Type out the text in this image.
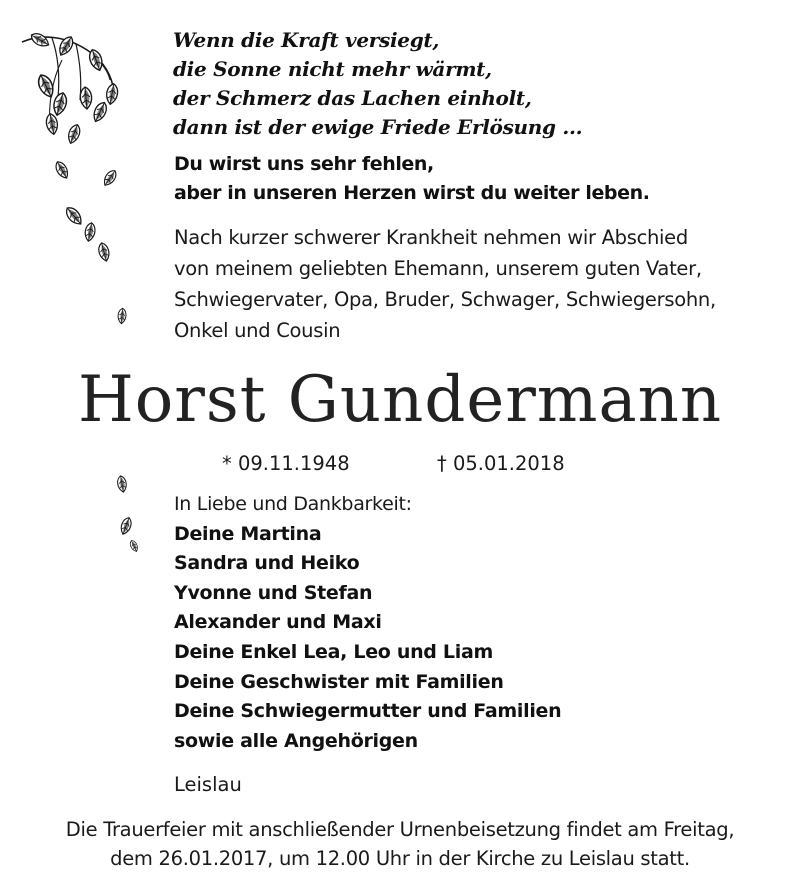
Wenn die Kraft versiegt,
die Sonne nicht mehr wärmt,
der Schmerz das Lachen einholt,
dann ist der ewige Friede Erlösung ...
Du wirst uns sehr fehlen,
aber in unseren Herzen wirst du weiter leben.
Nach kurzer schwerer Krankheit nehmen wir Abschied
von meinem geliebten Ehemann, unserem guten Vater,
Schwiegervater, Opa, Bruder, Schwager, Schwiegersohn,
Onkel und Cousin
Horst Gundermann
* 09.11.1948	† 05.01.2018
In Liebe und Dankbarkeit:
Deine Martina
Sandra und Heiko
Yvonne und Stefan
Alexander und Maxi
Deine Enkel Lea, Leo und Liam
Deine Geschwister mit Familien
Deine Schwiegermutter und Familien
sowie alle Angehörigen
Leislau
Die Trauerfeier mit anschließender Urnenbeisetzung findet am Freitag,
dem 26.01.2017, um 12.00 Uhr in der Kirche zu Leislau statt.
